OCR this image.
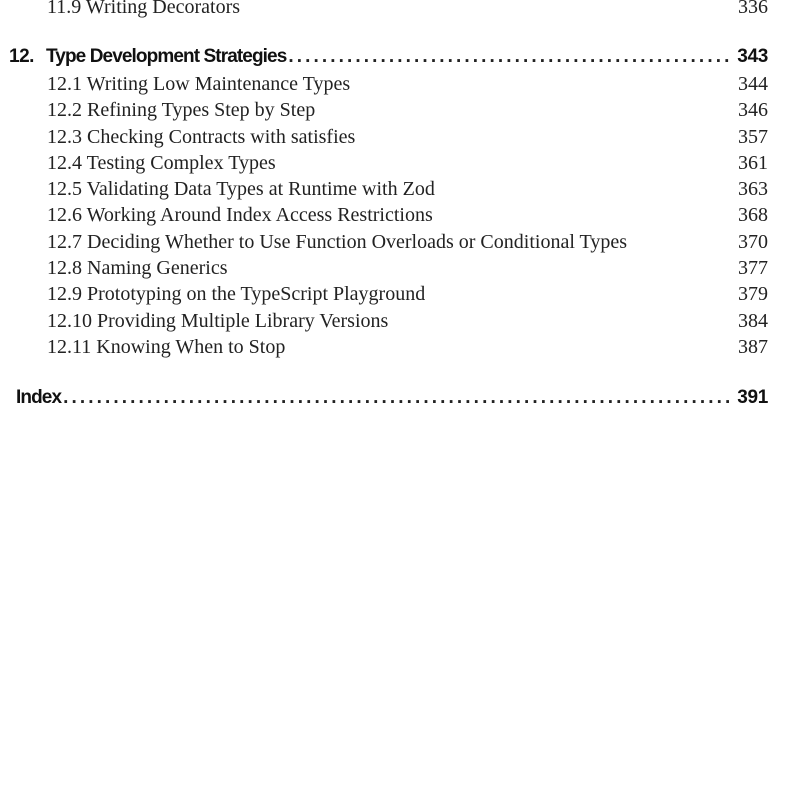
11.9 Writing Decorators	336
12. Type Development Strategies .....	343
12.1 Writing Low Maintenance Types	344
12.2 Refining Types Step by Step	346
12.3 Checking Contracts with satisfies	357
12.4 Testing Complex Types	361
12.5 Validating Data Types at Runtime with Zod	363
12.6 Working Around Index Access Restrictions	368
12.7 Deciding Whether to Use Function Overloads or Conditional Types	370
12.8 Naming Generics	377
12.9 Prototyping on the TypeScript Playground	379
12.10 Providing Multiple Library Versions	384
12.11 Knowing When to Stop	387
Index .....	391
